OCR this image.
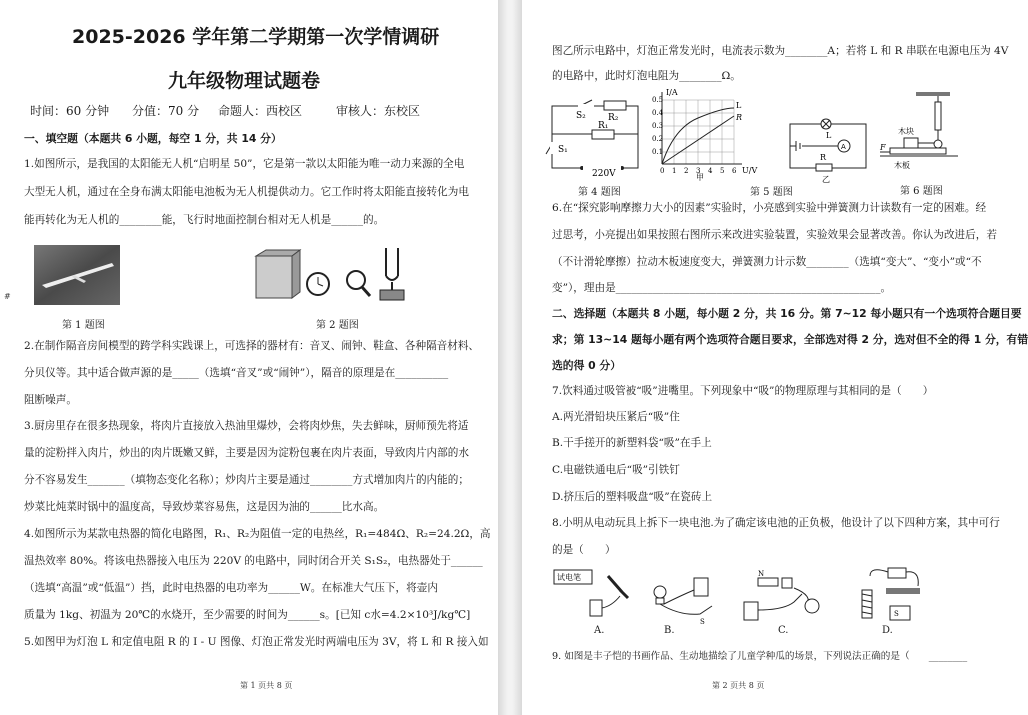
#
2025-2026 学年第二学期第一次学情调研
九年级物理试题卷
时间：60 分钟 分值：70 分 命题人：西校区	审核人：东校区
一、填空题（本题共 6 小题，每空 1 分，共 14 分）
1.如图所示，是我国的太阳能无人机“启明星 50”，它是第一款以太阳能为唯一动力来源的全电
大型无人机，通过在全身布满太阳能电池板为无人机提供动力。它工作时将太阳能直接转化为电
能再转化为无人机的________能，飞行时地面控制台相对无人机是______的。
第 1 题图	第 2 题图
2.在制作隔音房间模型的跨学科实践课上，可选择的器材有：音叉、闹钟、鞋盒、各种隔音材料、
分贝仪等。其中适合做声源的是_____（选填“音叉”或“闹钟”），隔音的原理是在__________
阻断噪声。
3.厨房里存在很多热现象，将肉片直接放入热油里爆炒，会将肉炒焦，失去鲜味，厨师预先将适
量的淀粉拌入肉片，炒出的肉片既嫩又鲜，主要是因为淀粉包裹在肉片表面，导致肉片内部的水
分不容易发生_______（填物态变化名称）；炒肉片主要是通过________方式增加肉片的内能的；
炒菜比炖菜时锅中的温度高，导致炒菜容易焦，这是因为油的______比水高。
4.如图所示为某款电热器的简化电路图，R₁、R₂为阻值一定的电热丝，R₁=484Ω、R₂=24.2Ω，高
温热效率 80%。将该电热器接入电压为 220V 的电路中，同时闭合开关 S₁S₂，电热器处于______
（选填“高温”或“低温”）挡，此时电热器的电功率为______W。在标准大气压下，将壶内
质量为 1kg、初温为 20℃的水烧开，至少需要的时间为______s。[已知 c水=4.2×10³J/kg℃]
5.如图甲为灯泡 L 和定值电阻 R 的 I - U 图像、灯泡正常发光时两端电压为 3V，将 L 和 R 接入如
第 1 页共 8 页
图乙所示电路中，灯泡正常发光时，电流表示数为________A；若将 L 和 R 串联在电源电压为 4V
的电路中，此时灯泡电阻为________Ω。
S₂ R₂
R₁
S₁
220V
第 4 题图
I/A
0.5
0.4
0.3
0.2
0.1
0 1 2 3 4 5 6 U/V
L
R
甲
A
L
R
乙
第 5 题图
木块
F
木板
第 6 题图
6.在“探究影响摩擦力大小的因素”实验时，小亮感到实验中弹簧测力计读数有一定的困难。经
过思考，小亮提出如果按照右图所示来改进实验装置，实验效果会显著改善。你认为改进后，若
（不计滑轮摩擦）拉动木板速度变大，弹簧测力计示数________（选填“变大”、“变小”或“不
变”），理由是__________________________________________________。
二、选择题（本题共 8 小题，每小题 2 分，共 16 分。第 7~12 每小题只有一个选项符合题目要
求；第 13~14 题每小题有两个选项符合题目要求，全部选对得 2 分，选对但不全的得 1 分，有错
选的得 0 分）
7.饮料通过吸管被“吸”进嘴里。下列现象中“吸”的物理原理与其相同的是（　　）
A.两光滑铅块压紧后“吸”住
B.干手搓开的新塑料袋“吸”在手上
C.电磁铁通电后“吸”引铁钉
D.挤压后的塑料吸盘“吸”在瓷砖上
8.小明从电动玩具上拆下一块电池.为了确定该电池的正负极，他设计了以下四种方案，其中可行
的是（　　）
试电笔
S
N
S
A.	B.	C.	D.
9. 如图是丰子恺的书画作品、生动地描绘了儿童学种瓜的场景，下列说法正确的是（　　________
第 2 页共 8 页
